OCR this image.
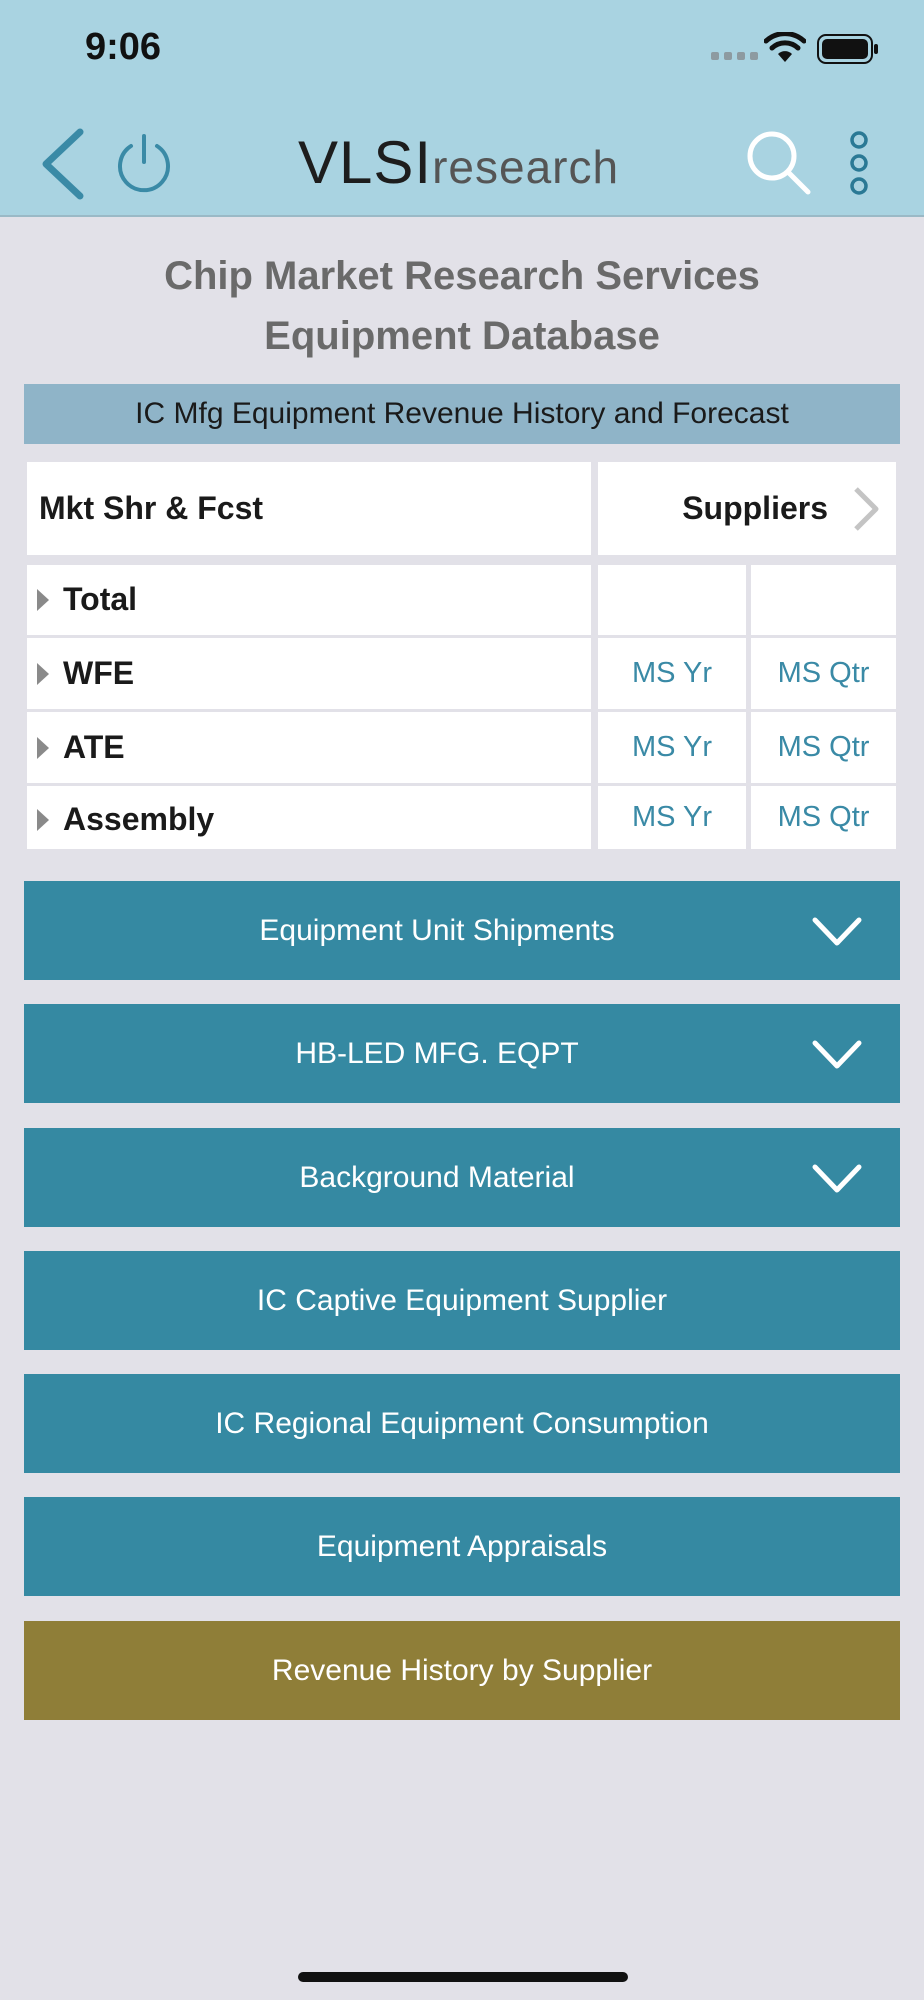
9:06
VLSI research
Chip Market Research Services
Equipment Database
IC Mfg Equipment Revenue History and Forecast
Mkt Shr & Fcst	Suppliers
Total
WFE	MS Yr MS Qtr
ATE	MS Yr MS Qtr
Assembly	MS Yr MS Qtr
Equipment Unit Shipments
HB-LED MFG. EQPT
Background Material
IC Captive Equipment Supplier
IC Regional Equipment Consumption
Equipment Appraisals
Revenue History by Supplier
